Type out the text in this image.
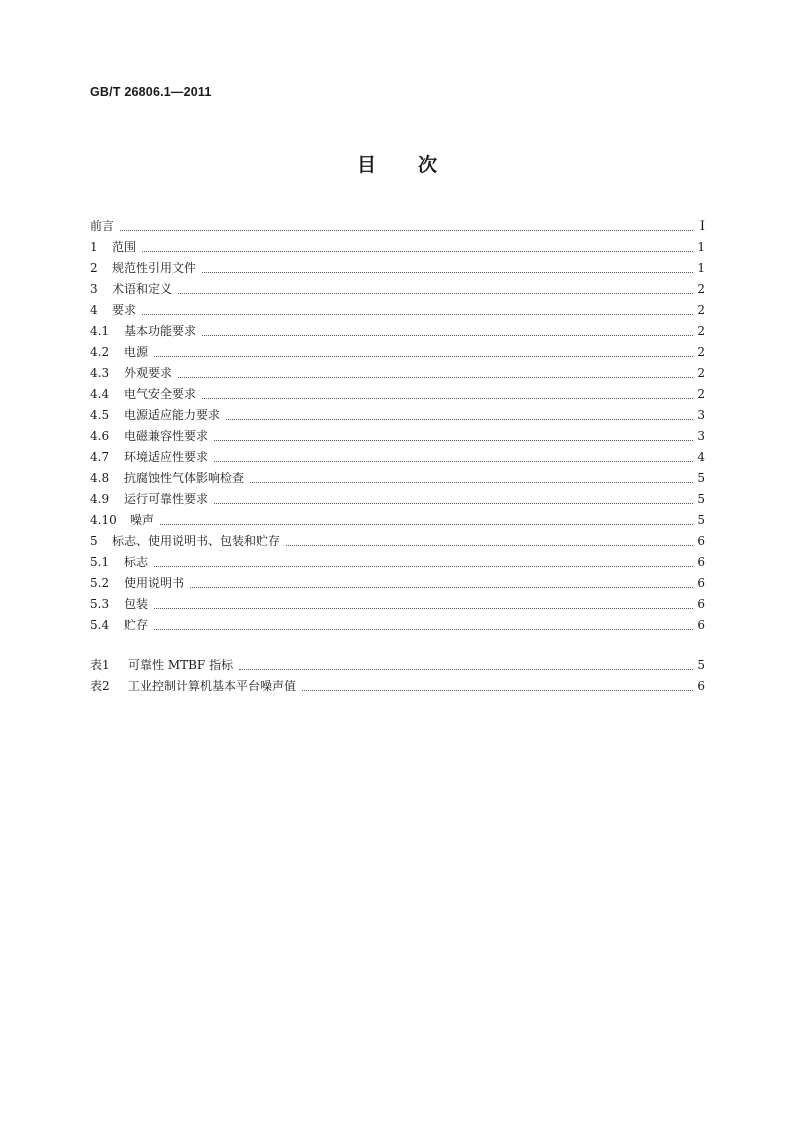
GB/T 26806.1—2011
目次
前言	I
1	范围	1
2	规范性引用文件	1
3	术语和定义	2
4	要求	2
4.1	基本功能要求	2
4.2	电源	2
4.3	外观要求	2
4.4	电气安全要求	2
4.5	电源适应能力要求	3
4.6	电磁兼容性要求	3
4.7	环境适应性要求	4
4.8	抗腐蚀性气体影响检查	5
4.9	运行可靠性要求	5
4.10	噪声	5
5	标志、使用说明书、包装和贮存	6
5.1	标志	6
5.2	使用说明书	6
5.3	包装	6
5.4	贮存	6
表1	可靠性 MTBF 指标	5
表2	工业控制计算机基本平台噪声值	6
